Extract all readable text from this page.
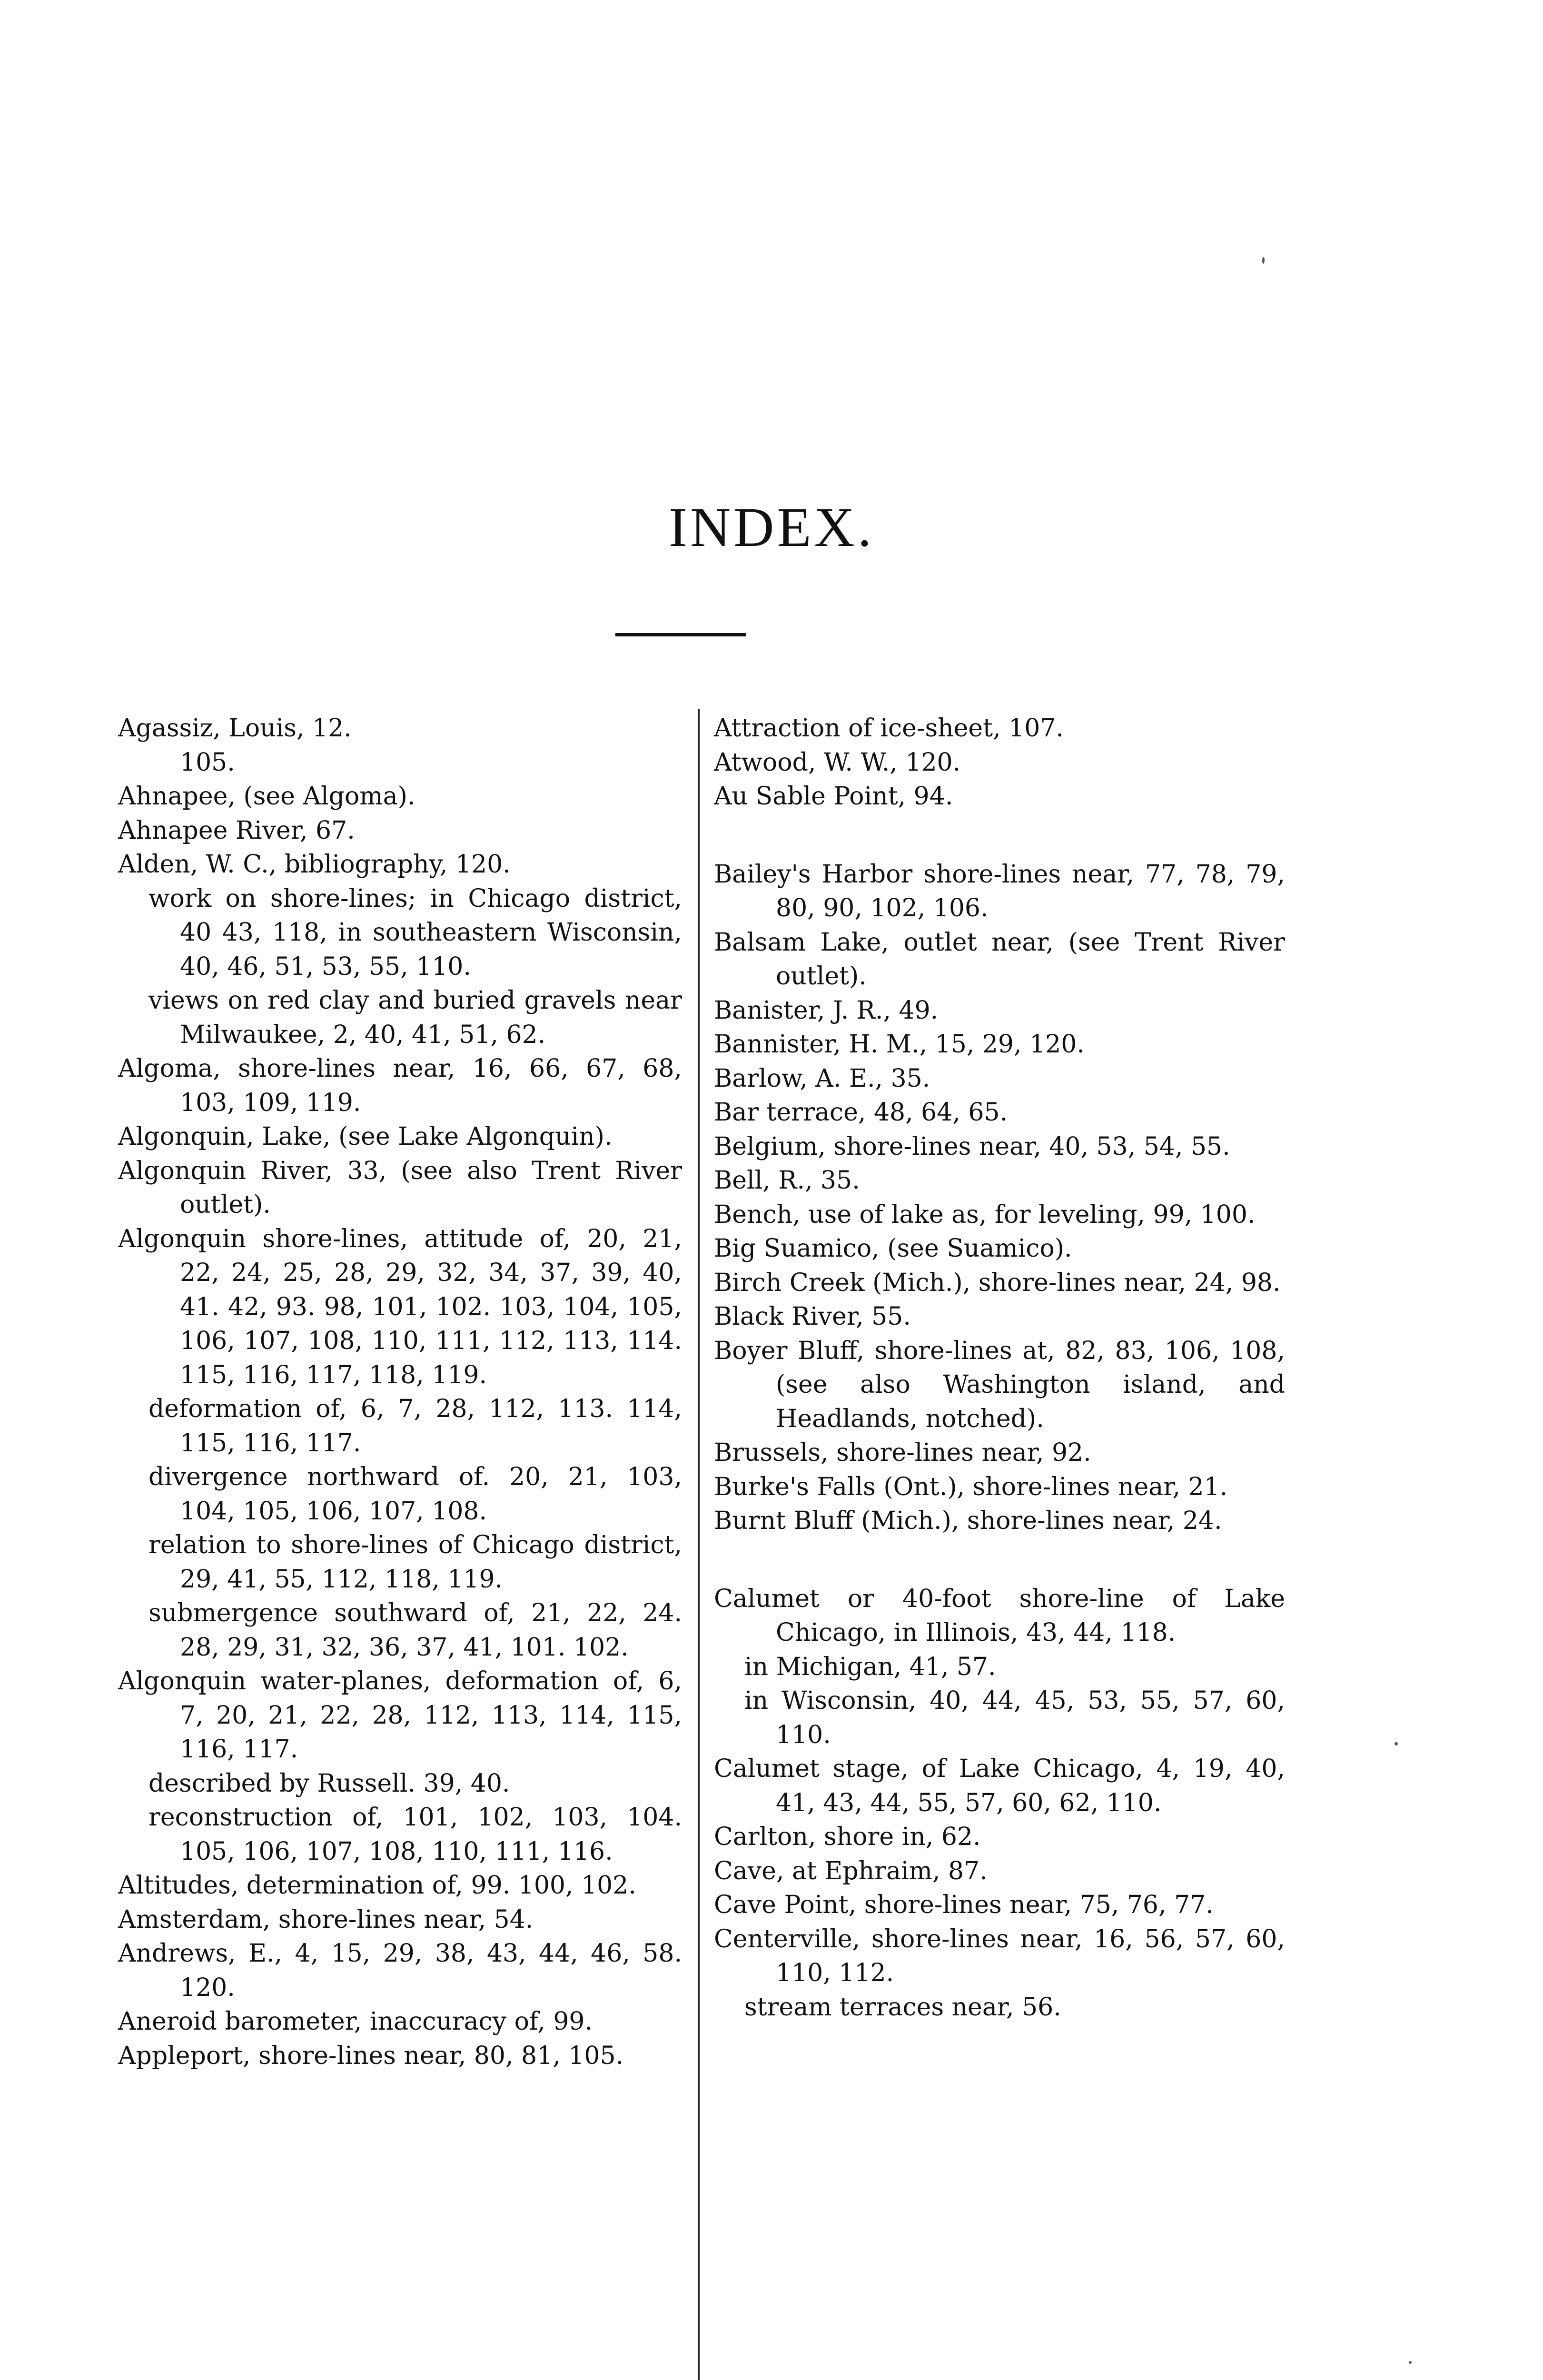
INDEX.
Agassiz, Louis, 12.
105.
Ahnapee, (see Algoma).
Ahnapee River, 67.
Alden, W. C., bibliography, 120.
work on shore-lines; in Chicago district, 40 43, 118, in southeastern Wisconsin, 40, 46, 51, 53, 55, 110.
views on red clay and buried gravels near Milwaukee, 2, 40, 41, 51, 62.
Algoma, shore-lines near, 16, 66, 67, 68, 103, 109, 119.
Algonquin, Lake, (see Lake Algonquin).
Algonquin River, 33, (see also Trent River outlet).
Algonquin shore-lines, attitude of, 20, 21, 22, 24, 25, 28, 29, 32, 34, 37, 39, 40, 41. 42, 93. 98, 101, 102. 103, 104, 105, 106, 107, 108, 110, 111, 112, 113, 114. 115, 116, 117, 118, 119.
deformation of, 6, 7, 28, 112, 113. 114, 115, 116, 117.
divergence northward of. 20, 21, 103, 104, 105, 106, 107, 108.
relation to shore-lines of Chicago district, 29, 41, 55, 112, 118, 119.
submergence southward of, 21, 22, 24. 28, 29, 31, 32, 36, 37, 41, 101. 102.
Algonquin water-planes, deformation of, 6, 7, 20, 21, 22, 28, 112, 113, 114, 115, 116, 117.
described by Russell. 39, 40.
reconstruction of, 101, 102, 103, 104. 105, 106, 107, 108, 110, 111, 116.
Altitudes, determination of, 99. 100, 102.
Amsterdam, shore-lines near, 54.
Andrews, E., 4, 15, 29, 38, 43, 44, 46, 58. 120.
Aneroid barometer, inaccuracy of, 99.
Appleport, shore-lines near, 80, 81, 105.
Attraction of ice-sheet, 107.
Atwood, W. W., 120.
Au Sable Point, 94.
Bailey's Harbor shore-lines near, 77, 78, 79, 80, 90, 102, 106.
Balsam Lake, outlet near, (see Trent River outlet).
Banister, J. R., 49.
Bannister, H. M., 15, 29, 120.
Barlow, A. E., 35.
Bar terrace, 48, 64, 65.
Belgium, shore-lines near, 40, 53, 54, 55.
Bell, R., 35.
Bench, use of lake as, for leveling, 99, 100.
Big Suamico, (see Suamico).
Birch Creek (Mich.), shore-lines near, 24, 98.
Black River, 55.
Boyer Bluff, shore-lines at, 82, 83, 106, 108, (see also Washington island, and Headlands, notched).
Brussels, shore-lines near, 92.
Burke's Falls (Ont.), shore-lines near, 21.
Burnt Bluff (Mich.), shore-lines near, 24.
Calumet or 40-foot shore-line of Lake Chicago, in Illinois, 43, 44, 118.
in Michigan, 41, 57.
in Wisconsin, 40, 44, 45, 53, 55, 57, 60, 110.
Calumet stage, of Lake Chicago, 4, 19, 40, 41, 43, 44, 55, 57, 60, 62, 110.
Carlton, shore in, 62.
Cave, at Ephraim, 87.
Cave Point, shore-lines near, 75, 76, 77.
Centerville, shore-lines near, 16, 56, 57, 60, 110, 112.
stream terraces near, 56.
